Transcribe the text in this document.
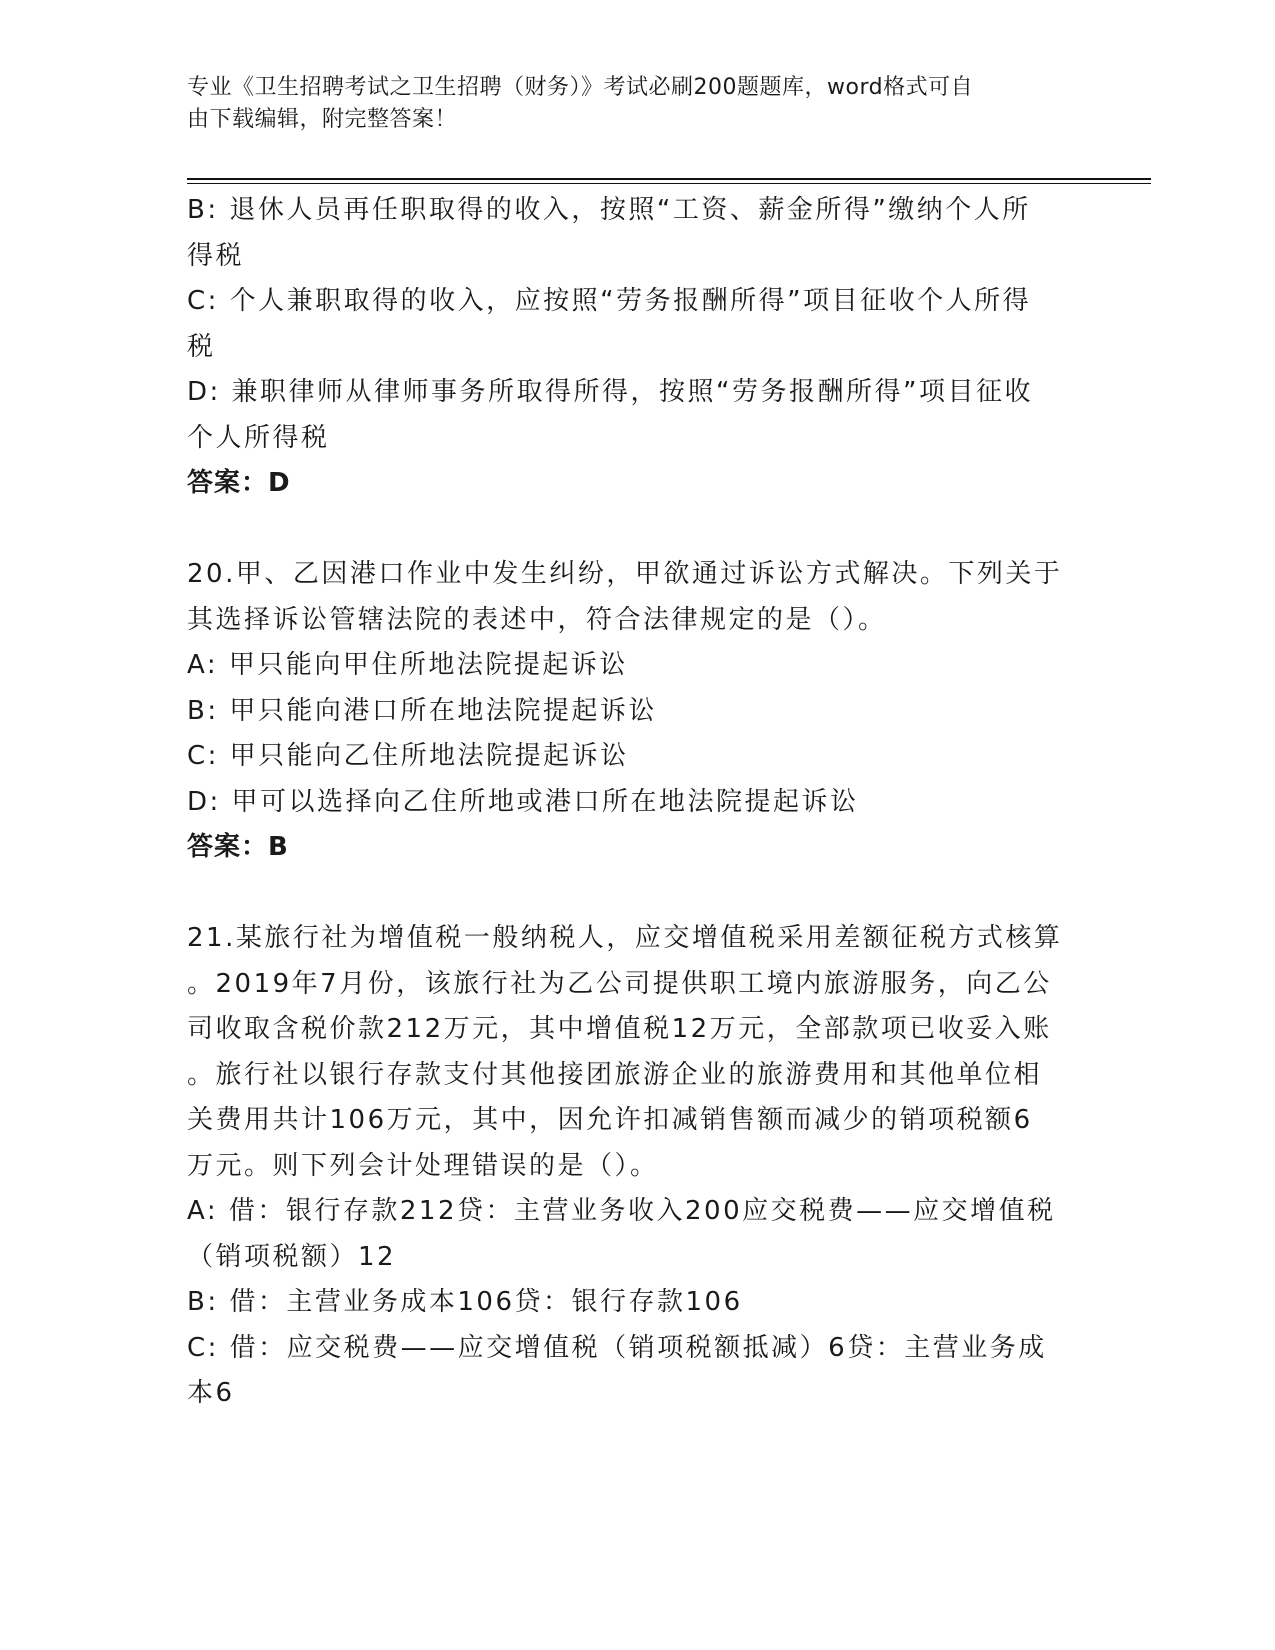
专业《卫生招聘考试之卫生招聘（财务）》考试必刷200题题库，word格式可自
由下载编辑，附完整答案！
B: 退休人员再任职取得的收入，按照“工资、薪金所得”缴纳个人所
得税
C: 个人兼职取得的收入，应按照“劳务报酬所得”项目征收个人所得
税
D: 兼职律师从律师事务所取得所得，按照“劳务报酬所得”项目征收
个人所得税
答案：D
20.甲、乙因港口作业中发生纠纷，甲欲通过诉讼方式解决。下列关于
其选择诉讼管辖法院的表述中，符合法律规定的是（）。
A: 甲只能向甲住所地法院提起诉讼
B: 甲只能向港口所在地法院提起诉讼
C: 甲只能向乙住所地法院提起诉讼
D: 甲可以选择向乙住所地或港口所在地法院提起诉讼
答案：B
21.某旅行社为增值税一般纳税人，应交增值税采用差额征税方式核算
。2019年7月份，该旅行社为乙公司提供职工境内旅游服务，向乙公
司收取含税价款212万元，其中增值税12万元，全部款项已收妥入账
。旅行社以银行存款支付其他接团旅游企业的旅游费用和其他单位相
关费用共计106万元，其中，因允许扣减销售额而减少的销项税额6
万元。则下列会计处理错误的是（）。
A: 借：银行存款212贷：主营业务收入200应交税费——应交增值税
（销项税额）12
B: 借：主营业务成本106贷：银行存款106
C: 借：应交税费——应交增值税（销项税额抵减）6贷：主营业务成
本6
